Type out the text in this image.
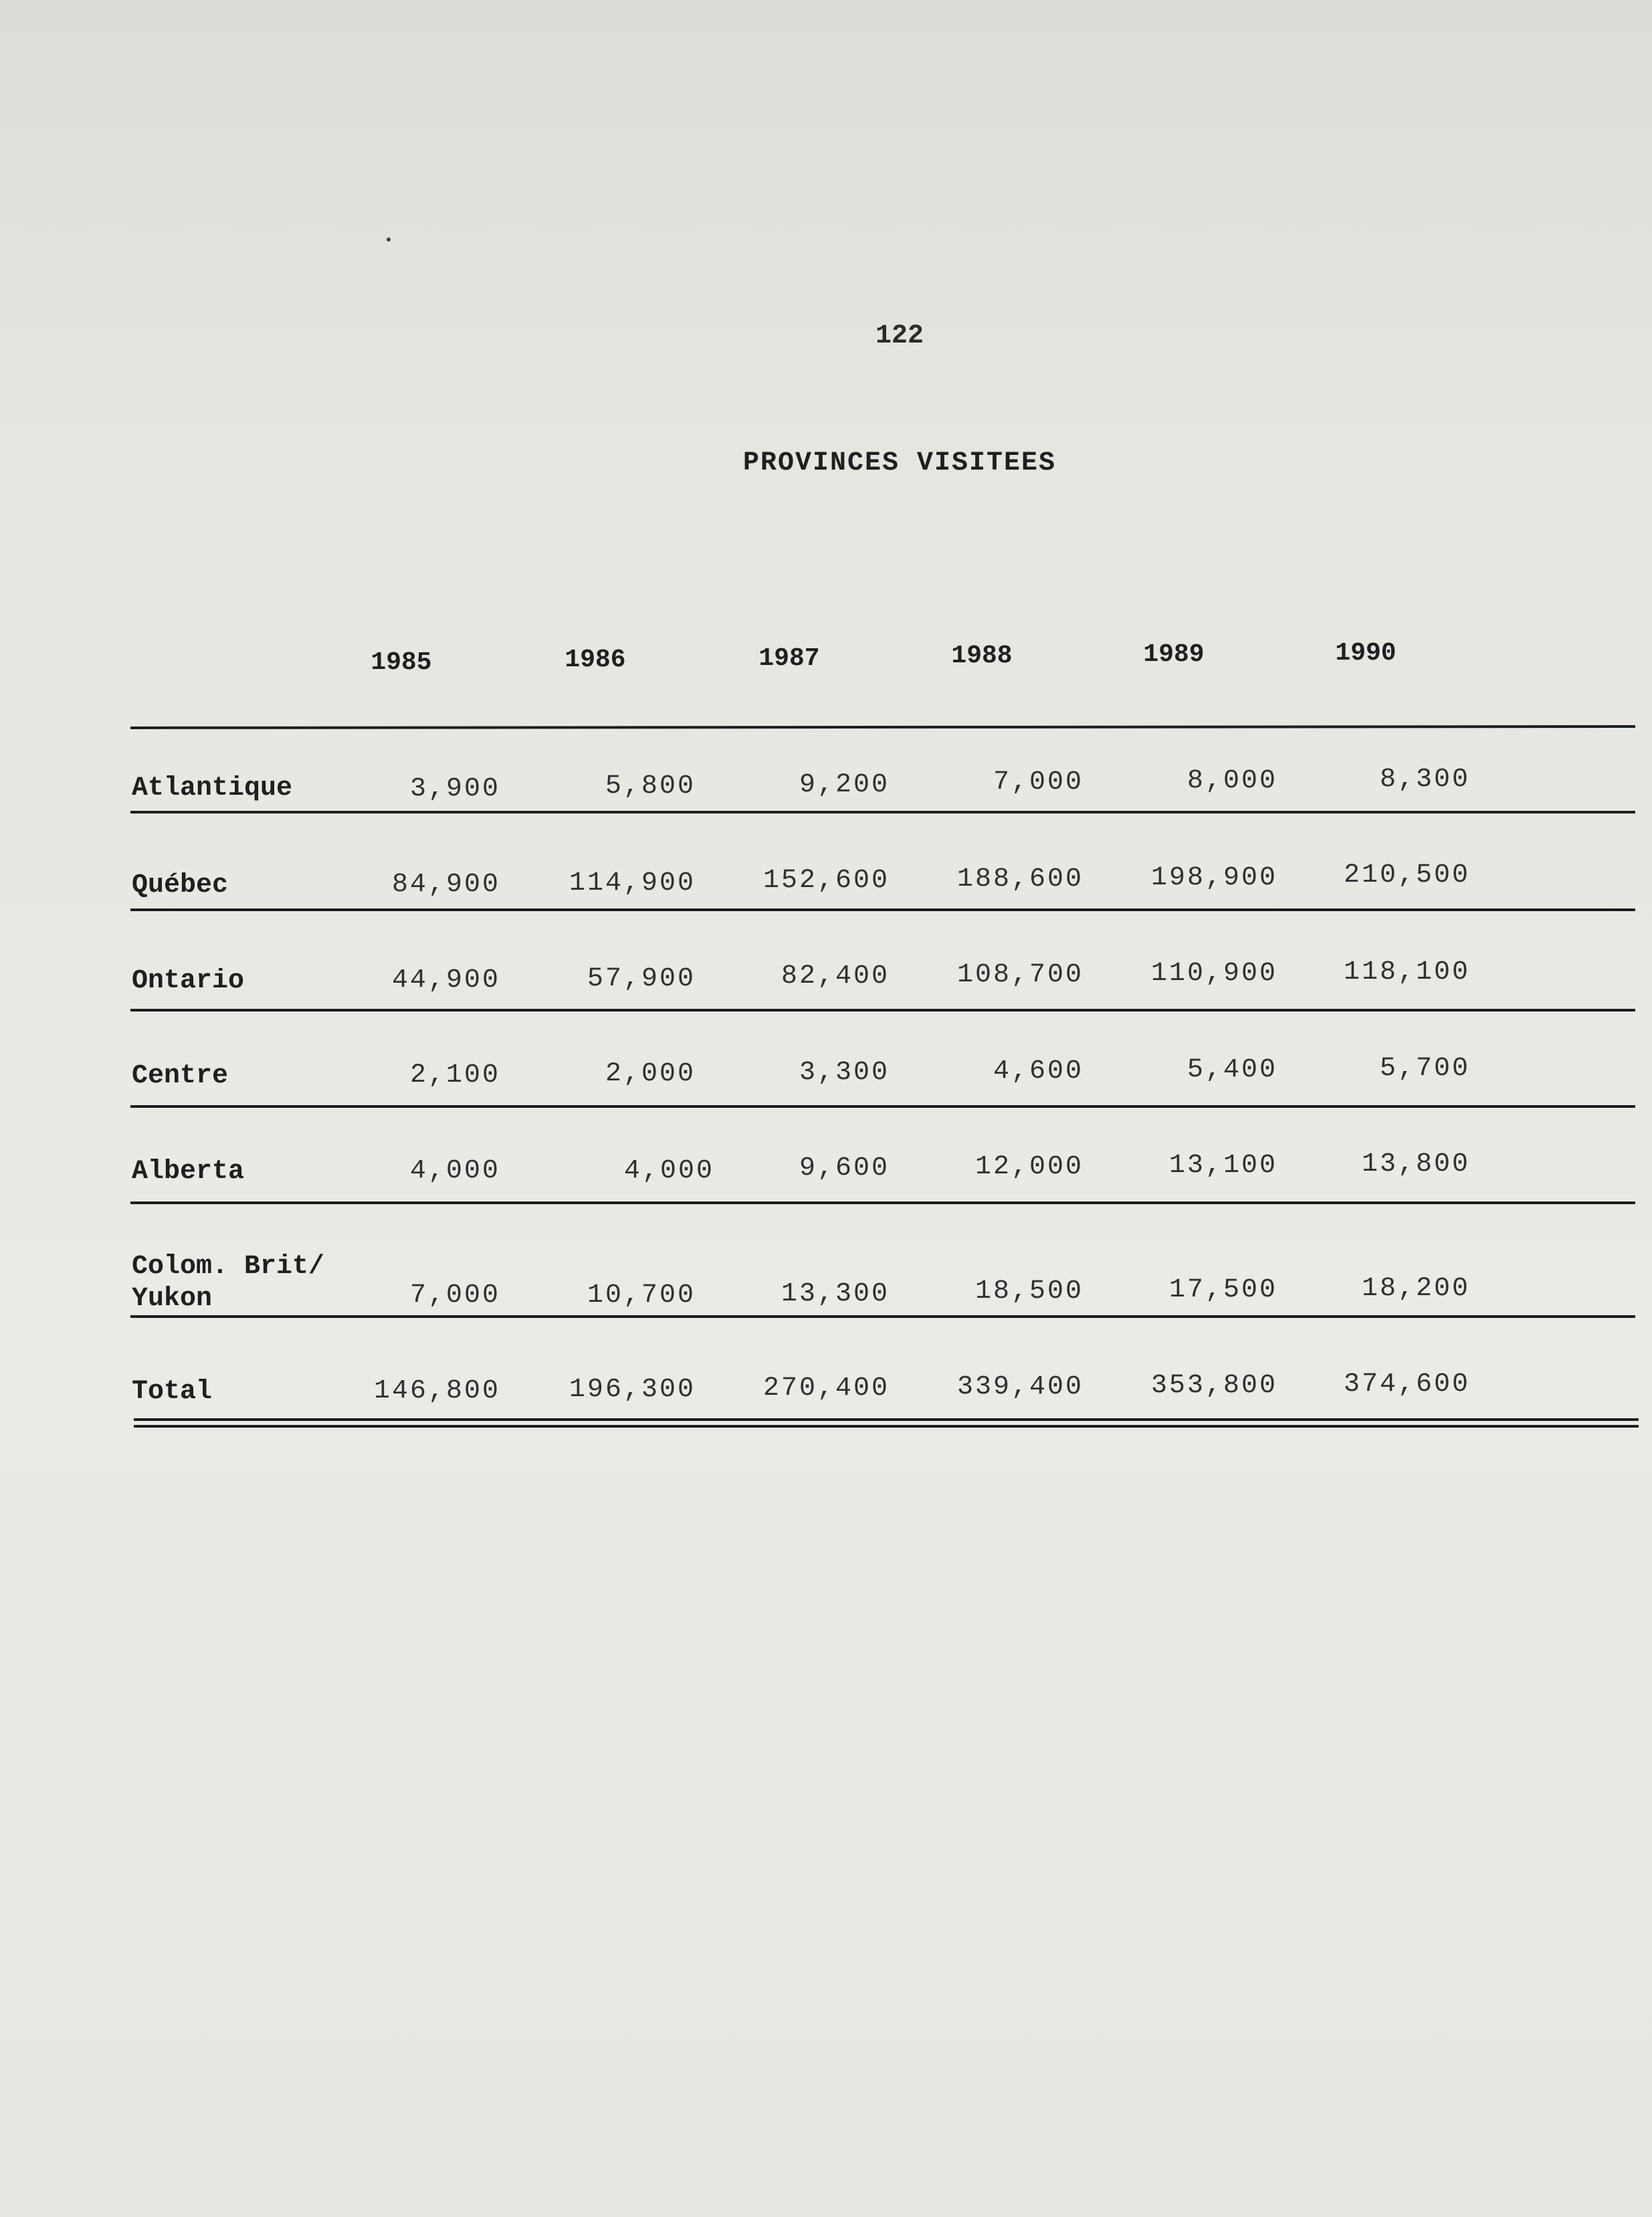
122
PROVINCES VISITEES
1985	1986	1987	1988	1989	1990
Atlantique	3,900	5,800	9,200	7,000	8,000	8,300
Québec	84,900	114,900	152,600	188,600	198,900	210,500
Ontario	44,900	57,900	82,400	108,700	110,900	118,100
Centre	2,100	2,000	3,300	4,600	5,400	5,700
Alberta	4,000	4,000	9,600	12,000	13,100	13,800
Colom. Brit/
Yukon	7,000	10,700	13,300	18,500	17,500	18,200
Total	146,800	196,300	270,400	339,400	353,800	374,600
